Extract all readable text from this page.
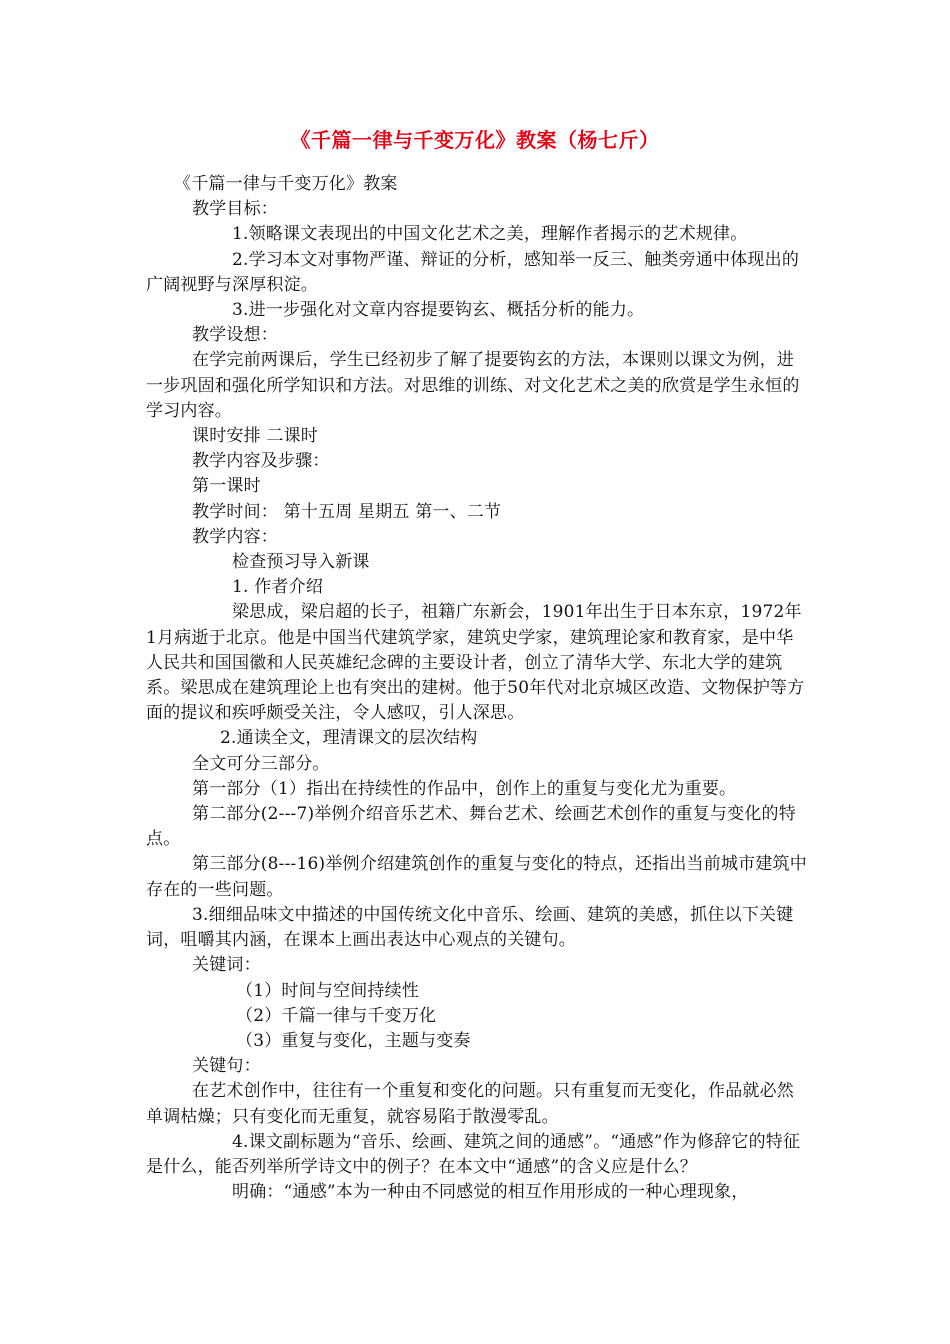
《千篇一律与千变万化》教案（杨七斤）

《千篇一律与千变万化》教案

教学目标：

1.领略课文表现出的中国文化艺术之美，理解作者揭示的艺术规律。

2.学习本文对事物严谨、辩证的分析，感知举一反三、触类旁通中体现出的广阔视野与深厚积淀。

3.进一步强化对文章内容提要钩玄、概括分析的能力。

教学设想：

在学完前两课后，学生已经初步了解了提要钩玄的方法，本课则以课文为例，进一步巩固和强化所学知识和方法。对思维的训练、对文化艺术之美的欣赏是学生永恒的学习内容。

课时安排 二课时

教学内容及步骤：

第一课时

教学时间： 第十五周 星期五 第一、二节

教学内容：

检查预习导入新课

1. 作者介绍

梁思成，梁启超的长子，祖籍广东新会，1901年出生于日本东京，1972年1月病逝于北京。他是中国当代建筑学家，建筑史学家，建筑理论家和教育家，是中华人民共和国国徽和人民英雄纪念碑的主要设计者，创立了清华大学、东北大学的建筑系。梁思成在建筑理论上也有突出的建树。他于50年代对北京城区改造、文物保护等方面的提议和疾呼颇受关注，令人感叹，引人深思。

2.通读全文，理清课文的层次结构

全文可分三部分。

第一部分（1）指出在持续性的作品中，创作上的重复与变化尤为重要。

第二部分(2---7)举例介绍音乐艺术、舞台艺术、绘画艺术创作的重复与变化的特点。

第三部分(8---16)举例介绍建筑创作的重复与变化的特点，还指出当前城市建筑中存在的一些问题。

3.细细品味文中描述的中国传统文化中音乐、绘画、建筑的美感，抓住以下关键词，咀嚼其内涵，在课本上画出表达中心观点的关键句。

关键词：

（1）时间与空间持续性

（2）千篇一律与千变万化

（3）重复与变化，主题与变奏

关键句：

在艺术创作中，往往有一个重复和变化的问题。只有重复而无变化，作品就必然单调枯燥；只有变化而无重复，就容易陷于散漫零乱。

4.课文副标题为“音乐、绘画、建筑之间的通感”。“通感”作为修辞它的特征是什么，能否列举所学诗文中的例子？在本文中“通感”的含义应是什么？

明确：“通感”本为一种由不同感觉的相互作用形成的一种心理现象，
